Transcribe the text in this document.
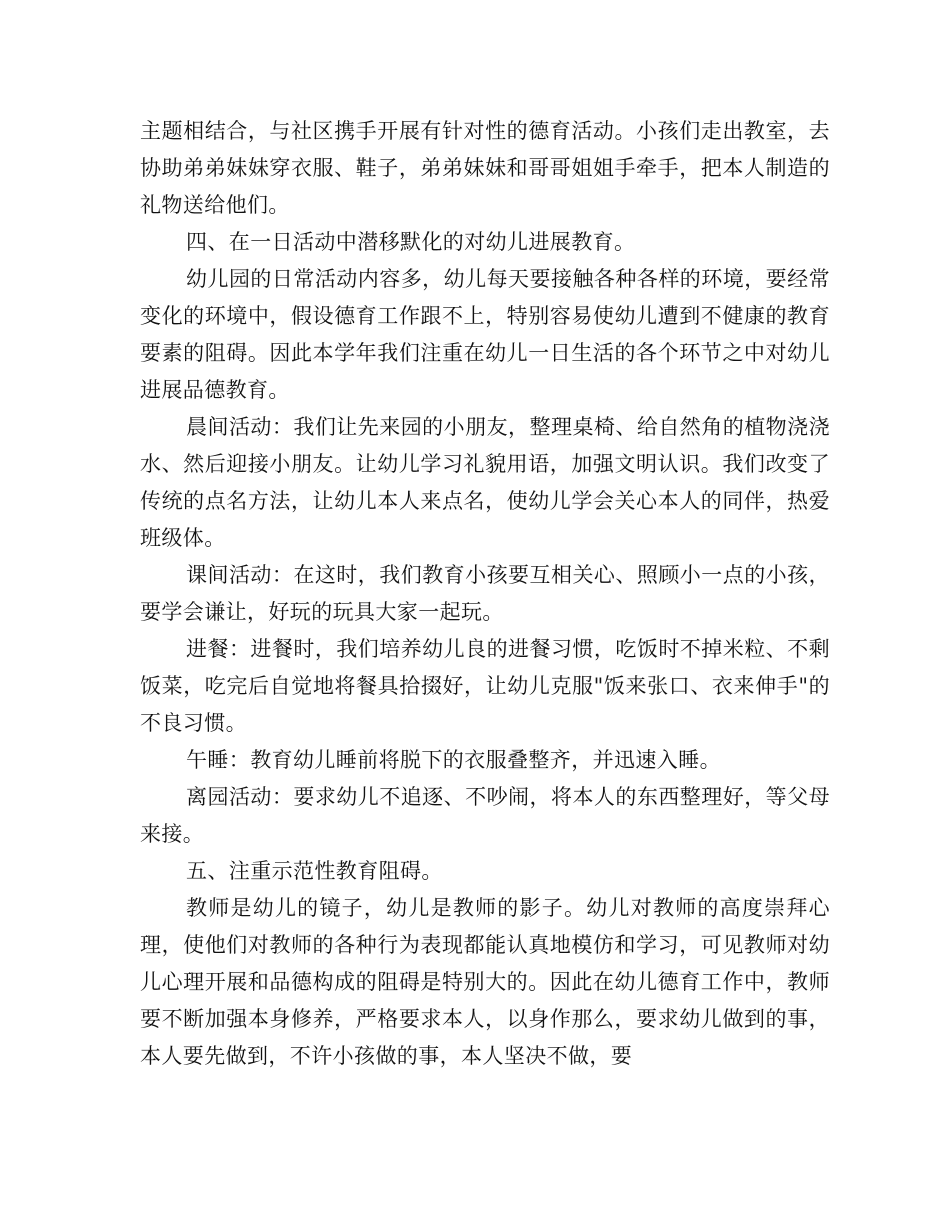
主题相结合，与社区携手开展有针对性的德育活动。小孩们走出教室，去协助弟弟妹妹穿衣服、鞋子，弟弟妹妹和哥哥姐姐手牵手，把本人制造的礼物送给他们。

四、在一日活动中潜移默化的对幼儿进展教育。

幼儿园的日常活动内容多，幼儿每天要接触各种各样的环境，要经常变化的环境中，假设德育工作跟不上，特别容易使幼儿遭到不健康的教育要素的阻碍。因此本学年我们注重在幼儿一日生活的各个环节之中对幼儿进展品德教育。

晨间活动：我们让先来园的小朋友，整理桌椅、给自然角的植物浇浇水、然后迎接小朋友。让幼儿学习礼貌用语，加强文明认识。我们改变了传统的点名方法，让幼儿本人来点名，使幼儿学会关心本人的同伴，热爱班级体。

课间活动：在这时，我们教育小孩要互相关心、照顾小一点的小孩，要学会谦让，好玩的玩具大家一起玩。

进餐：进餐时，我们培养幼儿良的进餐习惯，吃饭时不掉米粒、不剩饭菜，吃完后自觉地将餐具拾掇好，让幼儿克服"饭来张口、衣来伸手"的不良习惯。

午睡：教育幼儿睡前将脱下的衣服叠整齐，并迅速入睡。

离园活动：要求幼儿不追逐、不吵闹，将本人的东西整理好，等父母来接。

五、注重示范性教育阻碍。

教师是幼儿的镜子，幼儿是教师的影子。幼儿对教师的高度崇拜心理，使他们对教师的各种行为表现都能认真地模仿和学习，可见教师对幼儿心理开展和品德构成的阻碍是特别大的。因此在幼儿德育工作中，教师要不断加强本身修养，严格要求本人，以身作那么，要求幼儿做到的事，本人要先做到，不许小孩做的事，本人坚决不做，要
